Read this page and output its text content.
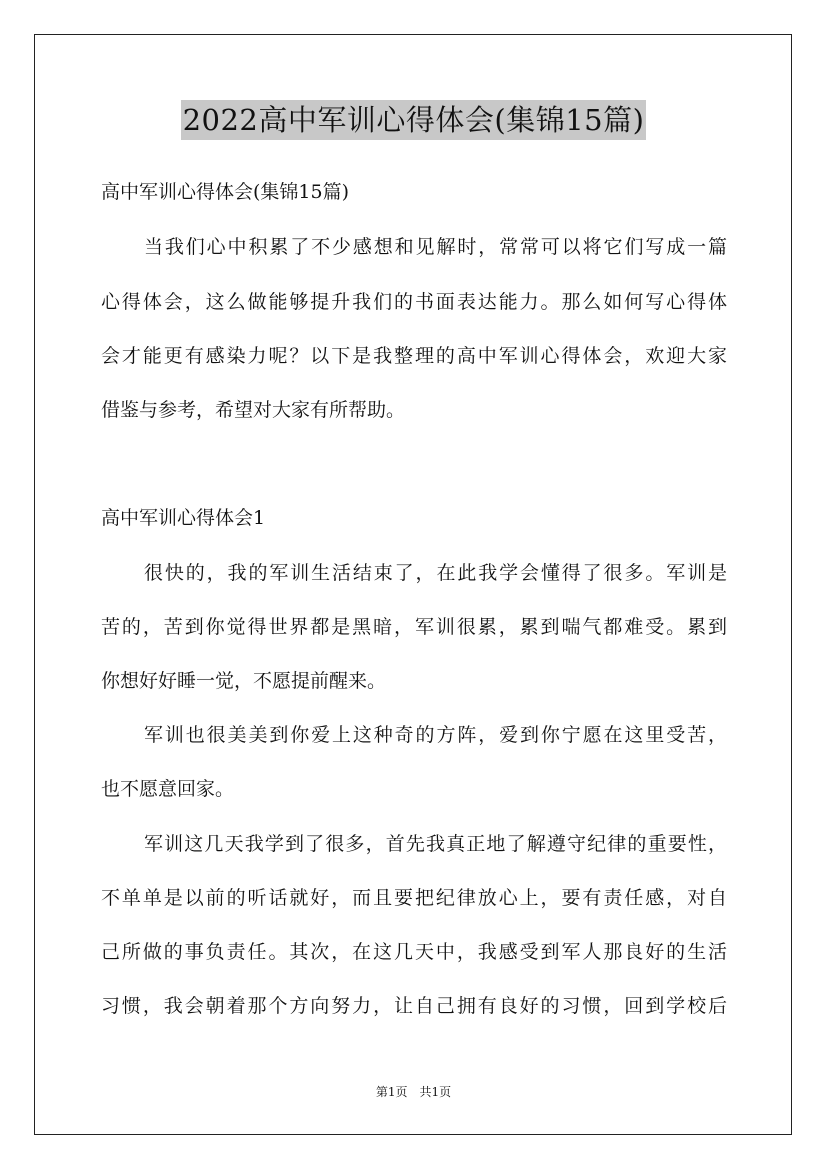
2022高中军训心得体会(集锦15篇)
高中军训心得体会(集锦15篇)
当我们心中积累了不少感想和见解时，常常可以将它们写成一篇
心得体会，这么做能够提升我们的书面表达能力。那么如何写心得体
会才能更有感染力呢？以下是我整理的高中军训心得体会，欢迎大家
借鉴与参考，希望对大家有所帮助。
高中军训心得体会1
很快的，我的军训生活结束了，在此我学会懂得了很多。军训是
苦的，苦到你觉得世界都是黑暗，军训很累，累到喘气都难受。累到
你想好好睡一觉，不愿提前醒来。
军训也很美美到你爱上这种奇的方阵，爱到你宁愿在这里受苦，
也不愿意回家。
军训这几天我学到了很多，首先我真正地了解遵守纪律的重要性，
不单单是以前的听话就好，而且要把纪律放心上，要有责任感，对自
己所做的事负责任。其次，在这几天中，我感受到军人那良好的生活
习惯，我会朝着那个方向努力，让自己拥有良好的习惯，回到学校后
第1页　共1页
